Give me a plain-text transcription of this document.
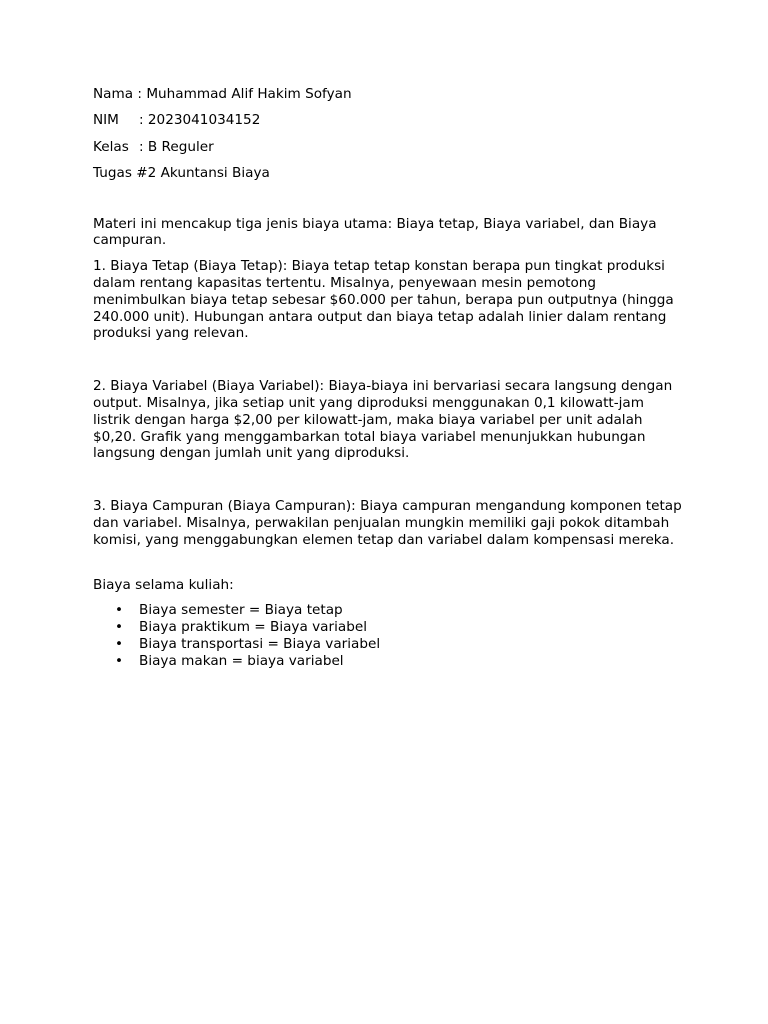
Nama : Muhammad Alif Hakim Sofyan

NIM : 2023041034152

Kelas : B Reguler

Tugas #2 Akuntansi Biaya

Materi ini mencakup tiga jenis biaya utama: Biaya tetap, Biaya variabel, dan Biaya campuran.

1. Biaya Tetap (Biaya Tetap): Biaya tetap tetap konstan berapa pun tingkat produksi dalam rentang kapasitas tertentu. Misalnya, penyewaan mesin pemotong menimbulkan biaya tetap sebesar $60.000 per tahun, berapa pun outputnya (hingga 240.000 unit). Hubungan antara output dan biaya tetap adalah linier dalam rentang produksi yang relevan.

2. Biaya Variabel (Biaya Variabel): Biaya-biaya ini bervariasi secara langsung dengan output. Misalnya, jika setiap unit yang diproduksi menggunakan 0,1 kilowatt-jam listrik dengan harga $2,00 per kilowatt-jam, maka biaya variabel per unit adalah $0,20. Grafik yang menggambarkan total biaya variabel menunjukkan hubungan langsung dengan jumlah unit yang diproduksi.

3. Biaya Campuran (Biaya Campuran): Biaya campuran mengandung komponen tetap dan variabel. Misalnya, perwakilan penjualan mungkin memiliki gaji pokok ditambah komisi, yang menggabungkan elemen tetap dan variabel dalam kompensasi mereka.

Biaya selama kuliah:

• Biaya semester = Biaya tetap
• Biaya praktikum = Biaya variabel
• Biaya transportasi = Biaya variabel
• Biaya makan = biaya variabel
